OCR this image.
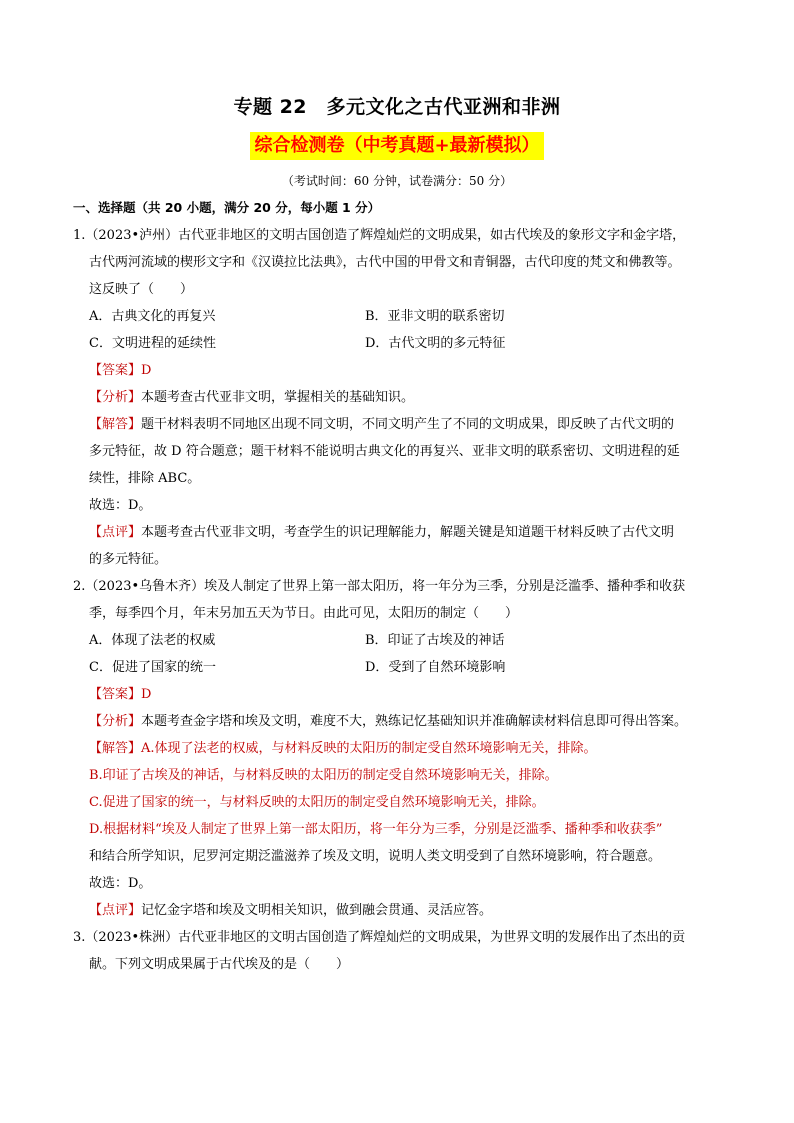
专题 22　多元文化之古代亚洲和非洲
综合检测卷（中考真题+最新模拟）
（考试时间：60 分钟，试卷满分：50 分）
一、选择题（共 20 小题，满分 20 分，每小题 1 分）

1.（2023•泸州）古代亚非地区的文明古国创造了辉煌灿烂的文明成果，如古代埃及的象形文字和金字塔，

古代两河流域的楔形文字和《汉谟拉比法典》，古代中国的甲骨文和青铜器，古代印度的梵文和佛教等。

这反映了（　　）

A．古典文化的再复兴	B．亚非文明的联系密切
C．文明进程的延续性	D．古代文明的多元特征

【答案】D

【分析】本题考查古代亚非文明，掌握相关的基础知识。

【解答】题干材料表明不同地区出现不同文明，不同文明产生了不同的文明成果，即反映了古代文明的

多元特征，故 D 符合题意；题干材料不能说明古典文化的再复兴、亚非文明的联系密切、文明进程的延

续性，排除 ABC。

故选：D。

【点评】本题考查古代亚非文明，考查学生的识记理解能力，解题关键是知道题干材料反映了古代文明

的多元特征。

2.（2023•乌鲁木齐）埃及人制定了世界上第一部太阳历，将一年分为三季，分别是泛滥季、播种季和收获

季，每季四个月，年末另加五天为节日。由此可见，太阳历的制定（　　）

A．体现了法老的权威	B．印证了古埃及的神话
C．促进了国家的统一	D．受到了自然环境影响

【答案】D

【分析】本题考查金字塔和埃及文明，难度不大，熟练记忆基础知识并准确解读材料信息即可得出答案。

【解答】A.体现了法老的权威，与材料反映的太阳历的制定受自然环境影响无关，排除。

B.印证了古埃及的神话，与材料反映的太阳历的制定受自然环境影响无关，排除。

C.促进了国家的统一，与材料反映的太阳历的制定受自然环境影响无关，排除。

D.根据材料“埃及人制定了世界上第一部太阳历，将一年分为三季，分别是泛滥季、播种季和收获季”

和结合所学知识，尼罗河定期泛滥滋养了埃及文明，说明人类文明受到了自然环境影响，符合题意。

故选：D。

【点评】记忆金字塔和埃及文明相关知识，做到融会贯通、灵活应答。

3.（2023•株洲）古代亚非地区的文明古国创造了辉煌灿烂的文明成果，为世界文明的发展作出了杰出的贡

献。下列文明成果属于古代埃及的是（　　）
